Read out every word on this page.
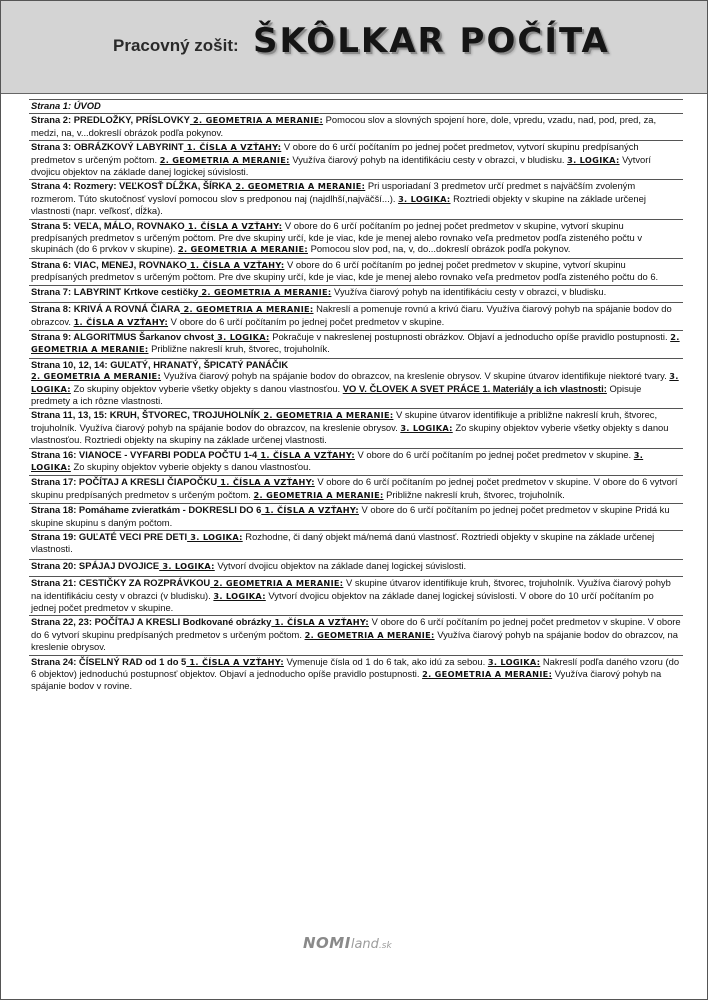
Pracovný zošit: ŠKÔLKAR POČÍTA
Strana 1: ÚVOD
Strana 2: PREDLOŽKY, PRÍSLOVKY 2. GEOMETRIA A MERANIE: Pomocou slov a slovných spojení hore, dole, vpredu, vzadu, nad, pod, pred, za, medzi, na, v...dokreslí obrázok podľa pokynov.
Strana 3: OBRÁZKOVÝ LABYRINT 1. ČÍSLA A VZŤAHY: V obore do 6 určí počítaním po jednej počet predmetov, vytvorí skupinu predpísaných predmetov s určeným počtom. 2. GEOMETRIA A MERANIE: Využíva čiarový pohyb na identifikáciu cesty v obrazci, v bludisku. 3. LOGIKA: Vytvorí dvojicu objektov na základe danej logickej súvislosti.
Strana 4: Rozmery: VEĽKOSŤ DĹŽKA, ŠÍRKA 2. GEOMETRIA A MERANIE: Pri usporiadaní 3 predmetov určí predmet s najväčším zvoleným rozmerom. Túto skutočnosť vysloví pomocou slov s predponou naj (najdlhší,najväčší...). 3. LOGIKA: Roztriedi objekty v skupine na základe určenej vlastnosti (napr. veľkosť, dĺžka).
Strana 5: VEĽA, MÁLO, ROVNAKO 1. ČÍSLA A VZŤAHY: V obore do 6 určí počítaním po jednej počet predmetov v skupine, vytvorí skupinu predpísaných predmetov s určeným počtom. Pre dve skupiny určí, kde je viac, kde je menej alebo rovnako veľa predmetov podľa zisteného počtu v skupinách (do 6 prvkov v skupine). 2. GEOMETRIA A MERANIE: Pomocou slov pod, na, v, do...dokreslí obrázok podľa pokynov.
Strana 6: VIAC, MENEJ, ROVNAKO 1. ČÍSLA A VZŤAHY: V obore do 6 určí počítaním po jednej počet predmetov v skupine, vytvorí skupinu predpísaných predmetov s určeným počtom. Pre dve skupiny určí, kde je viac, kde je menej alebo rovnako veľa predmetov podľa zisteného počtu do 6.
Strana 7: LABYRINT Krtkove cestičky 2. GEOMETRIA A MERANIE: Využíva čiarový pohyb na identifikáciu cesty v obrazci, v bludisku.
Strana 8: KRIVÁ A ROVNÁ ČIARA 2. GEOMETRIA A MERANIE: Nakreslí a pomenuje rovnú a krivú čiaru. Využíva čiarový pohyb na spájanie bodov do obrazcov. 1. ČÍSLA A VZŤAHY: V obore do 6 určí počítaním po jednej počet predmetov v skupine.
Strana 9: ALGORITMUS Šarkanov chvost 3. LOGIKA: Pokračuje v nakreslenej postupnosti obrázkov. Objaví a jednoducho opíše pravidlo postupnosti. 2. GEOMETRIA A MERANIE: Približne nakreslí kruh, štvorec, trojuholník.
Strana 10, 12, 14: GUĽATÝ, HRANATÝ, ŠPICATÝ PANÁČIK
2. GEOMETRIA A MERANIE: Využíva čiarový pohyb na spájanie bodov do obrazcov, na kreslenie obrysov. V skupine útvarov identifikuje niektoré tvary. 3. LOGIKA: Zo skupiny objektov vyberie všetky objekty s danou vlastnosťou. VO V. ČLOVEK A SVET PRÁCE 1. Materiály a ich vlastnosti: Opisuje predmety a ich rôzne vlastnosti.
Strana 11, 13, 15: KRUH, ŠTVOREC, TROJUHOLNÍK 2. GEOMETRIA A MERANIE: V skupine útvarov identifikuje a približne nakreslí kruh, štvorec, trojuholník. Využíva čiarový pohyb na spájanie bodov do obrazcov, na kreslenie obrysov. 3. LOGIKA: Zo skupiny objektov vyberie všetky objekty s danou vlastnosťou. Roztriedi objekty na skupiny na základe určenej vlastnosti.
Strana 16: VIANOCE - VYFARBI PODĽA POČTU 1-4 1. ČÍSLA A VZŤAHY: V obore do 6 určí počítaním po jednej počet predmetov v skupine. 3. LOGIKA: Zo skupiny objektov vyberie objekty s danou vlastnosťou.
Strana 17: POČÍTAJ A KRESLI ČIAPOČKU 1. ČÍSLA A VZŤAHY: V obore do 6 určí počítaním po jednej počet predmetov v skupine. V obore do 6 vytvorí skupinu predpísaných predmetov s určeným počtom. 2. GEOMETRIA A MERANIE: Približne nakreslí kruh, štvorec, trojuholník.
Strana 18: Pomáhame zvieratkám - DOKRESLI DO 6 1. ČÍSLA A VZŤAHY: V obore do 6 určí počítaním po jednej počet predmetov v skupine Pridá ku skupine skupinu s daným počtom.
Strana 19: GUĽATÉ VECI PRE DETI 3. LOGIKA: Rozhodne, či daný objekt má/nemá danú vlastnosť. Roztriedi objekty v skupine na základe určenej vlastnosti.
Strana 20: SPÁJAJ DVOJICE 3. LOGIKA: Vytvorí dvojicu objektov na základe danej logickej súvislosti.
Strana 21: CESTIČKY ZA ROZPRÁVKOU 2. GEOMETRIA A MERANIE: V skupine útvarov identifikuje kruh, štvorec, trojuholník. Využíva čiarový pohyb na identifikáciu cesty v obrazci (v bludisku). 3. LOGIKA: Vytvorí dvojicu objektov na základe danej logickej súvislosti. V obore do 10 určí počítaním po jednej počet predmetov v skupine.
Strana 22, 23: POČÍTAJ A KRESLI Bodkované obrázky 1. ČÍSLA A VZŤAHY: V obore do 6 určí počítaním po jednej počet predmetov v skupine. V obore do 6 vytvorí skupinu predpísaných predmetov s určeným počtom. 2. GEOMETRIA A MERANIE: Využíva čiarový pohyb na spájanie bodov do obrazcov, na kreslenie obrysov.
Strana 24: ČÍSELNÝ RAD od 1 do 5 1. ČÍSLA A VZŤAHY: Vymenuje čísla od 1 do 6 tak, ako idú za sebou. 3. LOGIKA: Nakreslí podľa daného vzoru (do 6 objektov) jednoduchú postupnosť objektov. Objaví a jednoducho opíše pravidlo postupnosti. 2. GEOMETRIA A MERANIE: Využíva čiarový pohyb na spájanie bodov v rovine.
NOMIland.sk
